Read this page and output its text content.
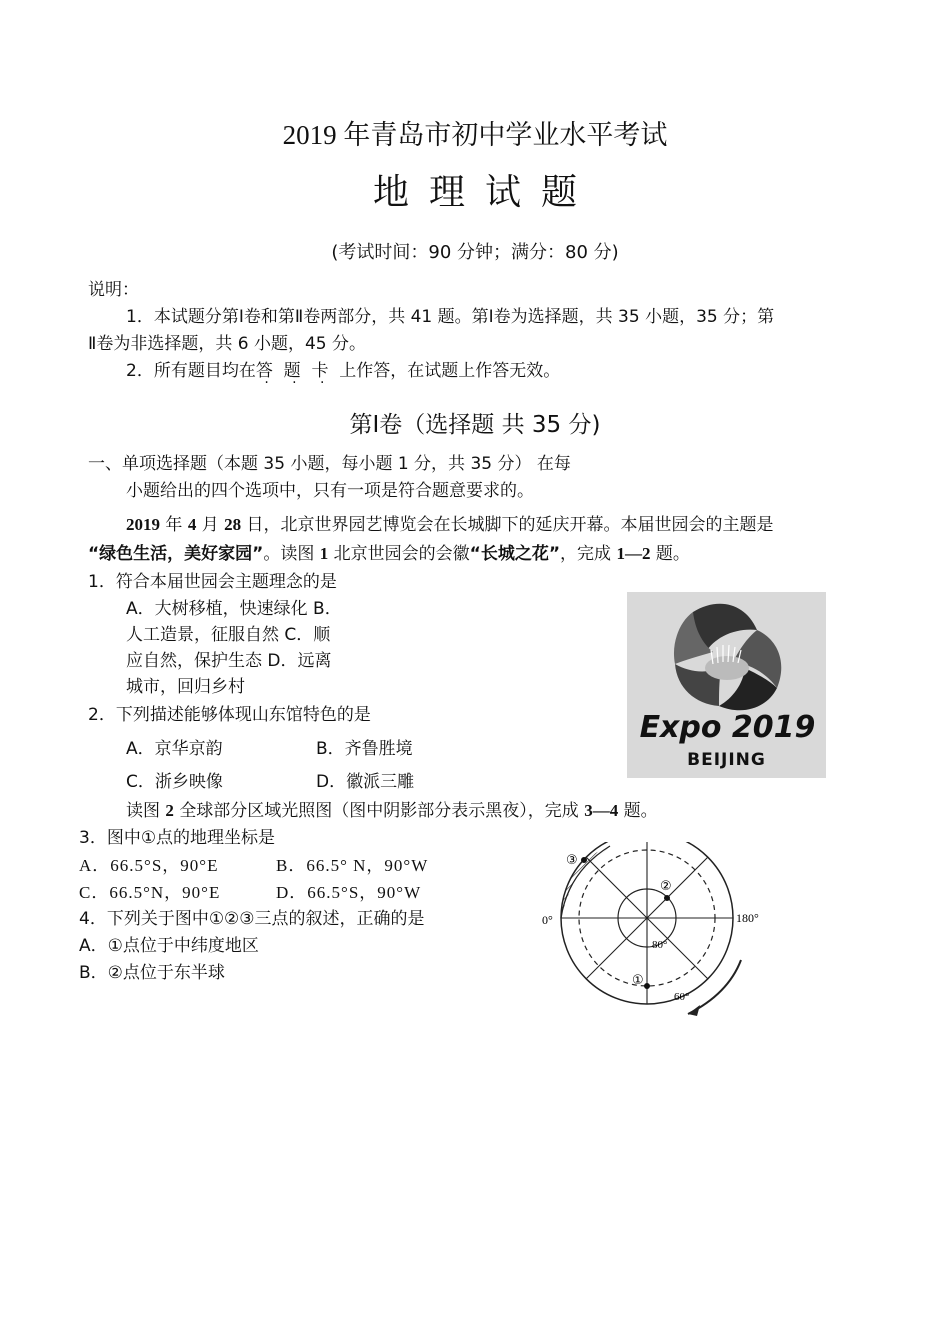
2019 年青岛市初中学业水平考试
地理试题
(考试时间：90 分钟；满分：80 分)
说明：
1．本试题分第Ⅰ卷和第Ⅱ卷两部分，共 41 题。第Ⅰ卷为选择题，共 35 小题，35 分；第
Ⅱ卷为非选择题，共 6 小题，45 分。
2．所有题目均在答 题 卡 上作答，在试题上作答无效。
第Ⅰ卷（选择题 共 35 分)
一、单项选择题（本题 35 小题，每小题 1 分，共 35 分） 在每
小题给出的四个选项中，只有一项是符合题意要求的。
2019 年 4 月 28 日，北京世界园艺博览会在长城脚下的延庆开幕。本届世园会的主题是
“绿色生活，美好家园”。读图 1 北京世园会的会徽“长城之花”，完成 1—2 题。
1．符合本届世园会主题理念的是
A．大树移植，快速绿化 B．
人工造景，征服自然 C．顺
应自然，保护生态 D．远离
城市，回归乡村
2．下列描述能够体现山东馆特色的是
A．京华京韵	B．齐鲁胜境
C．浙乡映像	D．徽派三雕
Expo 2019
BEIJING
读图 2 全球部分区域光照图（图中阴影部分表示黑夜），完成 3—4 题。
3．图中①点的地理坐标是
A．66.5°S，90°E	B．66.5° N，90°W
C．66.5°N，90°E	D．66.5°S，90°W
4．下列关于图中①②③三点的叙述，正确的是
A．①点位于中纬度地区
B．②点位于东半球
③
②
①
0°	180°
80°
60°
